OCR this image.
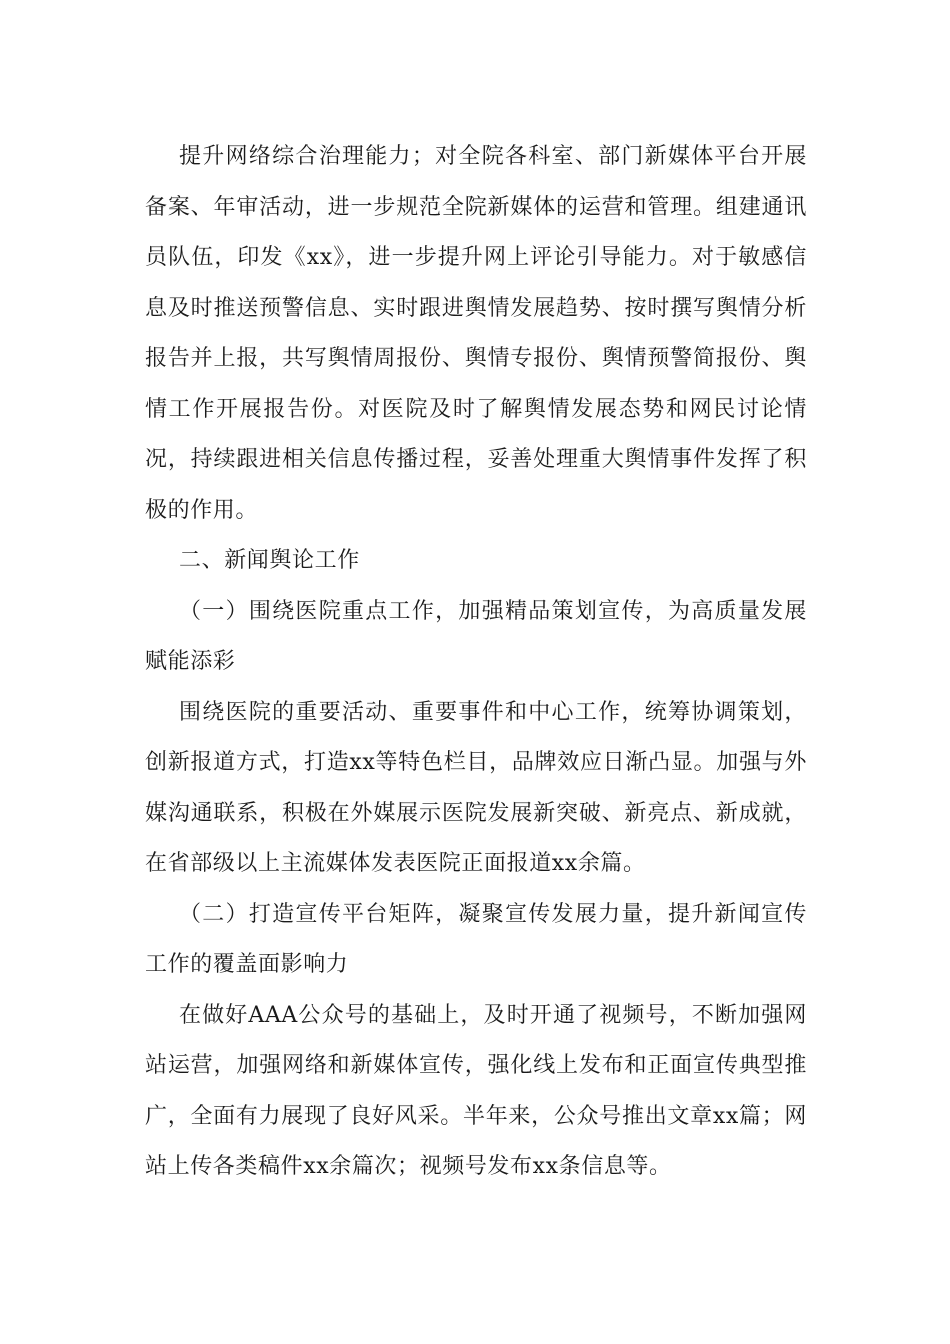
提升网络综合治理能力；对全院各科室、部门新媒体平台开展备案、年审活动，进一步规范全院新媒体的运营和管理。组建通讯员队伍，印发《xx》，进一步提升网上评论引导能力。对于敏感信息及时推送预警信息、实时跟进舆情发展趋势、按时撰写舆情分析报告并上报，共写舆情周报份、舆情专报份、舆情预警简报份、舆情工作开展报告份。对医院及时了解舆情发展态势和网民讨论情况，持续跟进相关信息传播过程，妥善处理重大舆情事件发挥了积极的作用。

二、新闻舆论工作

（一）围绕医院重点工作，加强精品策划宣传，为高质量发展赋能添彩

围绕医院的重要活动、重要事件和中心工作，统筹协调策划，创新报道方式，打造xx等特色栏目，品牌效应日渐凸显。加强与外媒沟通联系，积极在外媒展示医院发展新突破、新亮点、新成就，在省部级以上主流媒体发表医院正面报道xx余篇。

（二）打造宣传平台矩阵，凝聚宣传发展力量，提升新闻宣传工作的覆盖面影响力

在做好AAA公众号的基础上，及时开通了视频号，不断加强网站运营，加强网络和新媒体宣传，强化线上发布和正面宣传典型推广，全面有力展现了良好风采。半年来，公众号推出文章xx篇；网站上传各类稿件xx余篇次；视频号发布xx条信息等。
